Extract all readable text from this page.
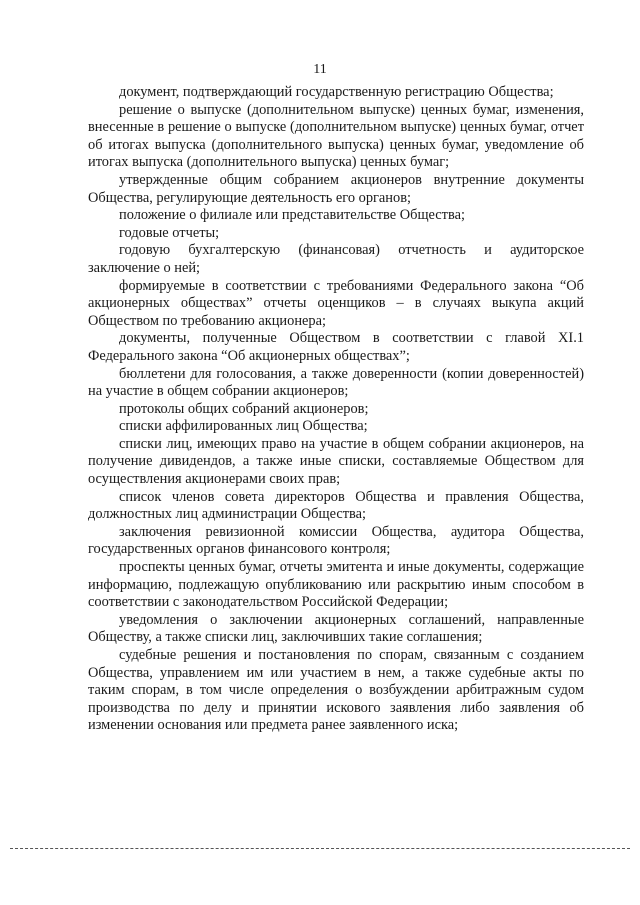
11

документ, подтверждающий государственную регистрацию Общества;

решение о выпуске (дополнительном выпуске) ценных бумаг, изменения, внесенные в решение о выпуске (дополнительном выпуске) ценных бумаг, отчет об итогах выпуска (дополнительного выпуска) ценных бумаг, уведомление об итогах выпуска (дополнительного выпуска) ценных бумаг;

утвержденные общим собранием акционеров внутренние документы Общества, регулирующие деятельность его органов;

положение о филиале или представительстве Общества;

годовые отчеты;

годовую бухгалтерскую (финансовая) отчетность и аудиторское заключение о ней;

формируемые в соответствии с требованиями Федерального закона “Об акционерных обществах” отчеты оценщиков – в случаях выкупа акций Обществом по требованию акционера;

документы, полученные Обществом в соответствии с главой XI.1 Федерального закона “Об акционерных обществах”;

бюллетени для голосования, а также доверенности (копии доверенностей) на участие в общем собрании акционеров;

протоколы общих собраний акционеров;

списки аффилированных лиц Общества;

списки лиц, имеющих право на участие в общем собрании акционеров, на получение дивидендов, а также иные списки, составляемые Обществом для осуществления акционерами своих прав;

список членов совета директоров Общества и правления Общества, должностных лиц администрации Общества;

заключения ревизионной комиссии Общества, аудитора Общества, государственных органов финансового контроля;

проспекты ценных бумаг, отчеты эмитента и иные документы, содержащие информацию, подлежащую опубликованию или раскрытию иным способом в соответствии с законодательством Российской Федерации;

уведомления о заключении акционерных соглашений, направленные Обществу, а также списки лиц, заключивших такие соглашения;

судебные решения и постановления по спорам, связанным с созданием Общества, управлением им или участием в нем, а также судебные акты по таким спорам, в том числе определения о возбуждении арбитражным судом производства по делу и принятии искового заявления либо заявления об изменении основания или предмета ранее заявленного иска;
